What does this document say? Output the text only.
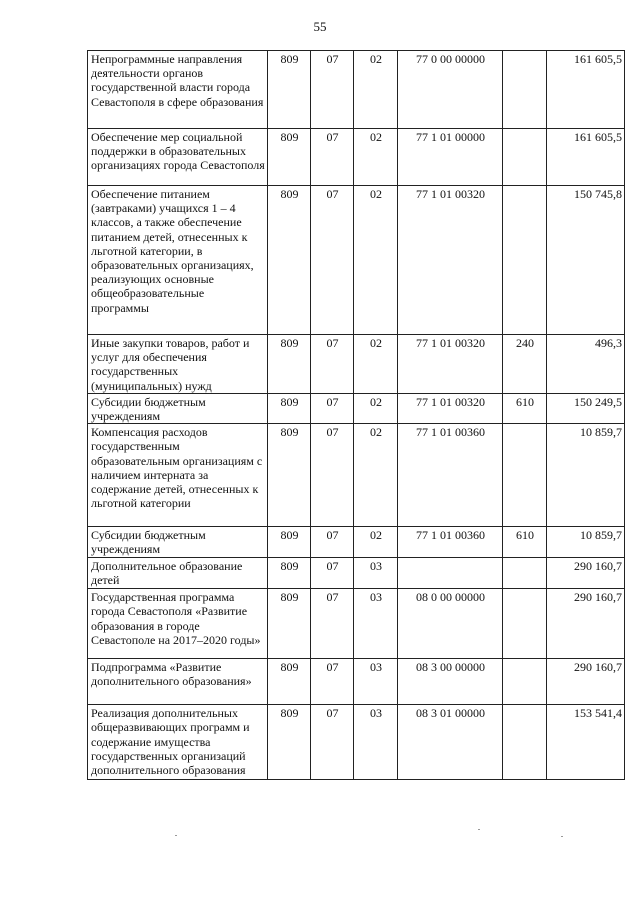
55
Непрограммные направления деятельности органов государственной власти города Севастополя в сфере образования	809	07	02	77 0 00 00000		161 605,5
Обеспечение мер социальной поддержки в образовательных организациях города Севастополя	809	07	02	77 1 01 00000		161 605,5
Обеспечение питанием (завтраками) учащихся 1 – 4 классов, а также обеспечение питанием детей, отнесенных к льготной категории, в образовательных организациях, реализующих основные общеобразовательные программы	809	07	02	77 1 01 00320		150 745,8
Иные закупки товаров, работ и услуг для обеспечения государственных (муниципальных) нужд	809	07	02	77 1 01 00320	240	496,3
Субсидии бюджетным учреждениям	809	07	02	77 1 01 00320	610	150 249,5
Компенсация расходов государственным образовательным организациям с наличием интерната за содержание детей, отнесенных к льготной категории	809	07	02	77 1 01 00360		10 859,7
Субсидии бюджетным учреждениям	809	07	02	77 1 01 00360	610	10 859,7
Дополнительное образование детей	809	07	03			290 160,7
Государственная программа города Севастополя «Развитие образования в городе Севастополе на 2017–2020 годы»	809	07	03	08 0 00 00000		290 160,7
Подпрограмма «Развитие дополнительного образования»	809	07	03	08 3 00 00000		290 160,7
Реализация дополнительных общеразвивающих программ и содержание имущества государственных организаций дополнительного образования	809	07	03	08 3 01 00000		153 541,4
